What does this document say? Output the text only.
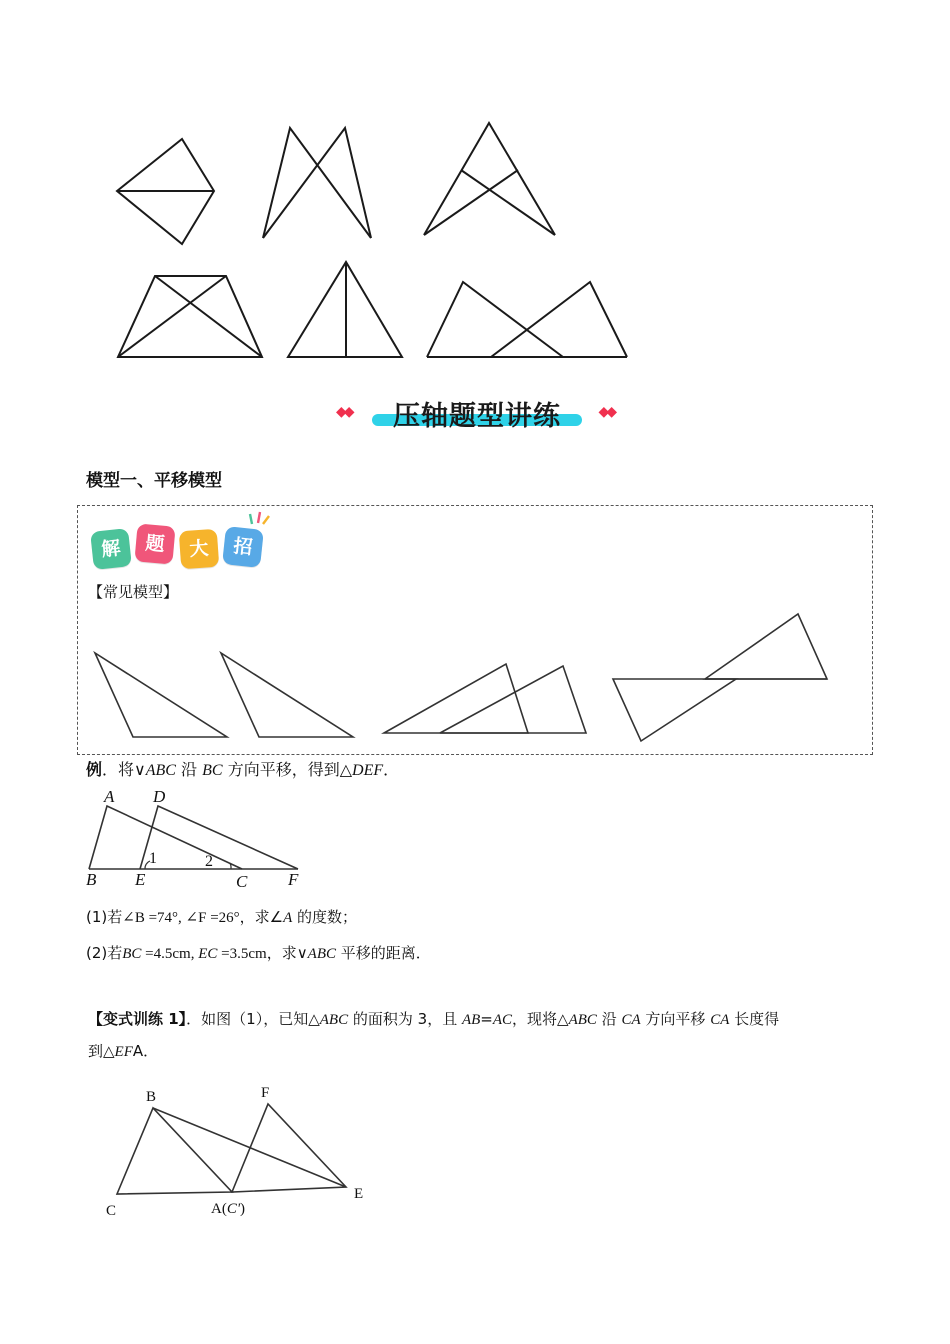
◆◆	压轴题型讲练	◆◆
模型一、平移模型
解	题	大	招
【常见模型】
例．将∨ABC 沿 BC 方向平移，得到△DEF．
A D
B E	C F
1	2
(1)若∠B =74°, ∠F =26°，求∠A 的度数；
(2)若BC =4.5cm, EC =3.5cm，求∨ABC 平移的距离．
【变式训练 1】．如图（1），已知△ABC 的面积为 3，且 AB=AC，现将△ABC 沿 CA 方向平移 CA 长度得
到△EFA．
B	F
C	A(C')
E
